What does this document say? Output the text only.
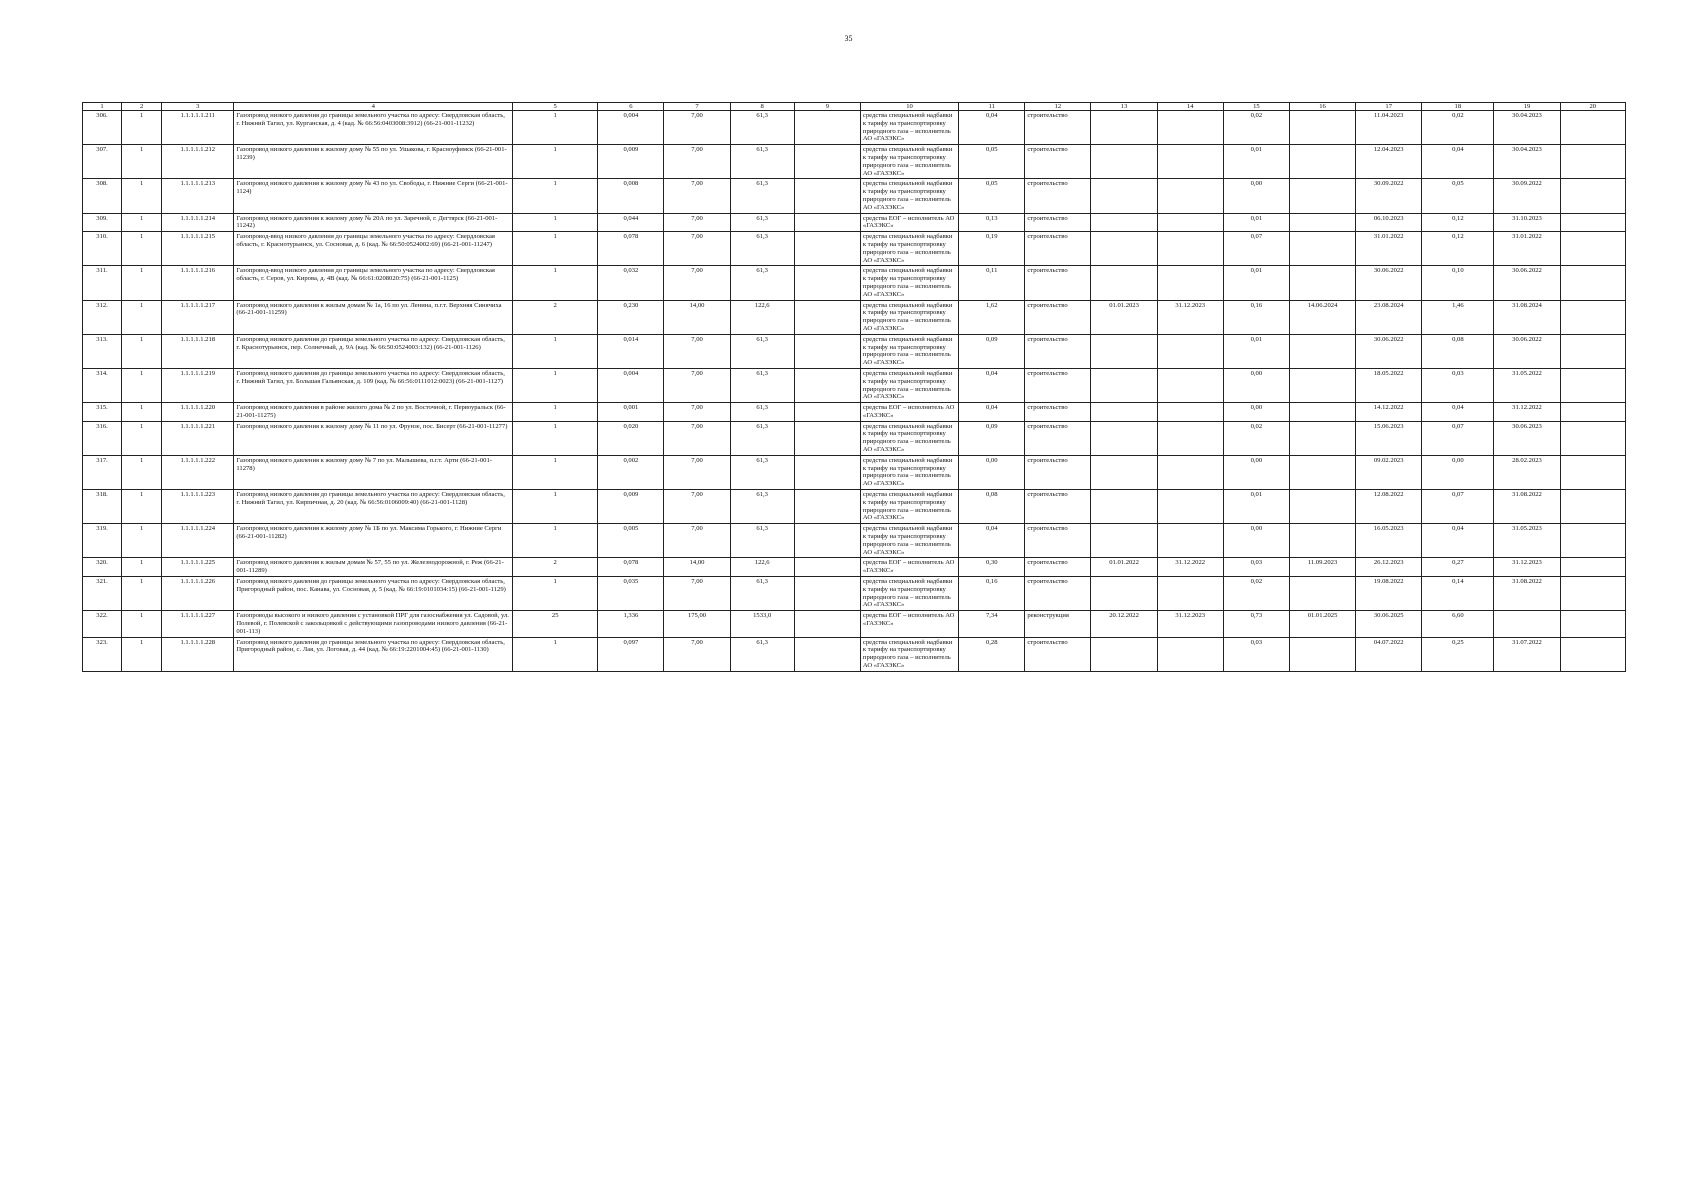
35
1	2	3	4	5	6	7	8	9	10	11	12	13	14	15	16	17	18	19	20
306.	1	1.1.1.1.1.211	Газопровод низкого давления до границы земельного участка по адресу: Свердловская область, г. Нижний Тагил, ул. Курганская, д. 4 (кад. № 66:56:0403008:3912) (66-21-001-11232)	1	0,004	7,00	61,3		средства специальной надбавки к тарифу на транспортировку природного газа – исполнитель АО «ГАЗЭКС»	0,04	строительство			0,02		11.04.2023	0,02	30.04.2023	
307.	1	1.1.1.1.1.212	Газопровод низкого давления к жилому дому № 55 по ул. Ушакова, г. Красноуфимск (66-21-001-11239)	1	0,009	7,00	61,3		средства специальной надбавки к тарифу на транспортировку природного газа – исполнитель АО «ГАЗЭКС»	0,05	строительство			0,01		12.04.2023	0,04	30.04.2023	
308.	1	1.1.1.1.1.213	Газопровод низкого давления к жилому дому № 43 по ул. Свободы, г. Нижние Серги (66-21-001-1124)	1	0,008	7,00	61,3		средства специальной надбавки к тарифу на транспортировку природного газа – исполнитель АО «ГАЗЭКС»	0,05	строительство			0,00		30.09.2022	0,05	30.09.2022	
309.	1	1.1.1.1.1.214	Газопровод низкого давления к жилому дому № 20А по ул. Заречной, г. Дегтярск (66-21-001-11242)	1	0,044	7,00	61,3		средства ЕОГ – исполнитель АО «ГАЗЭКС»	0,13	строительство			0,01		06.10.2023	0,12	31.10.2023	
310.	1	1.1.1.1.1.215	Газопровод-ввод низкого давления до границы земельного участка по адресу: Свердловская область, г. Краснотурьинск, ул. Сосновая, д. 6 (кад. № 66:50:0524002:69) (66-21-001-11247)	1	0,078	7,00	61,3		средства специальной надбавки к тарифу на транспортировку природного газа – исполнитель АО «ГАЗЭКС»	0,19	строительство			0,07		31.01.2022	0,12	31.01.2022	
311.	1	1.1.1.1.1.216	Газопровод-ввод низкого давления до границы земельного участка по адресу: Свердловская область, г. Серов, ул. Кирова, д. 4В (кад. № 66:61:0208020:75) (66-21-001-1125)	1	0,032	7,00	61,3		средства специальной надбавки к тарифу на транспортировку природного газа – исполнитель АО «ГАЗЭКС»	0,11	строительство			0,01		30.06.2022	0,10	30.06.2022	
312.	1	1.1.1.1.1.217	Газопровод низкого давления к жилым домам № 1а, 16 по ул. Ленина, п.г.т. Верхняя Синячиха (66-21-001-11259)	2	0,230	14,00	122,6		средства специальной надбавки к тарифу на транспортировку природного газа – исполнитель АО «ГАЗЭКС»	1,62	строительство	01.01.2023	31.12.2023	0,16	14.06.2024	23.08.2024	1,46	31.08.2024	
313.	1	1.1.1.1.1.218	Газопровод низкого давления до границы земельного участка по адресу: Свердловская область, г. Краснотурьинск, пер. Солнечный, д. 9А (кад. № 66:50:0524003:132) (66-21-001-1126)	1	0,014	7,00	61,3		средства специальной надбавки к тарифу на транспортировку природного газа – исполнитель АО «ГАЗЭКС»	0,09	строительство			0,01		30.06.2022	0,08	30.06.2022	
314.	1	1.1.1.1.1.219	Газопровод низкого давления до границы земельного участка по адресу: Свердловская область, г. Нижний Тагил, ул. Большая Гальянская, д. 109 (кад. № 66:56:0111012:0023) (66-21-001-1127)	1	0,004	7,00	61,3		средства специальной надбавки к тарифу на транспортировку природного газа – исполнитель АО «ГАЗЭКС»	0,04	строительство			0,00		18.05.2022	0,03	31.05.2022	
315.	1	1.1.1.1.1.220	Газопровод низкого давления в районе жилого дома № 2 по ул. Восточной, г. Первоуральск (66-21-001-11275)	1	0,001	7,00	61,3		средства ЕОГ – исполнитель АО «ГАЗЭКС»	0,04	строительство			0,00		14.12.2022	0,04	31.12.2022	
316.	1	1.1.1.1.1.221	Газопровод низкого давления к жилому дому № 11 по ул. Фрунзе, пос. Бисерт (66-21-001-11277)	1	0,020	7,00	61,3		средства специальной надбавки к тарифу на транспортировку природного газа – исполнитель АО «ГАЗЭКС»	0,09	строительство			0,02		15.06.2023	0,07	30.06.2023	
317.	1	1.1.1.1.1.222	Газопровод низкого давления к жилому дому № 7 по ул. Малышева, п.г.т. Арти (66-21-001-11278)	1	0,002	7,00	61,3		средства специальной надбавки к тарифу на транспортировку природного газа – исполнитель АО «ГАЗЭКС»	0,00	строительство			0,00		09.02.2023	0,00	28.02.2023	
318.	1	1.1.1.1.1.223	Газопровод низкого давления до границы земельного участка по адресу: Свердловская область, г. Нижний Тагил, ул. Кирпичная, д. 20 (кад. № 66:56:0106009:40) (66-21-001-1128)	1	0,009	7,00	61,3		средства специальной надбавки к тарифу на транспортировку природного газа – исполнитель АО «ГАЗЭКС»	0,08	строительство			0,01		12.08.2022	0,07	31.08.2022	
319.	1	1.1.1.1.1.224	Газопровод низкого давления к жилому дому № 1Б по ул. Максима Горького, г. Нижние Серги (66-21-001-11282)	1	0,005	7,00	61,3		средства специальной надбавки к тарифу на транспортировку природного газа – исполнитель АО «ГАЗЭКС»	0,04	строительство			0,00		16.05.2023	0,04	31.05.2023	
320.	1	1.1.1.1.1.225	Газопровод низкого давления к жилым домам № 57, 55 по ул. Железнодорожной, г. Реж (66-21-001-11289)	2	0,078	14,00	122,6		средства ЕОГ – исполнитель АО «ГАЗЭКС»	0,30	строительство	01.01.2022	31.12.2022	0,03	11.09.2023	26.12.2023	0,27	31.12.2023	
321.	1	1.1.1.1.1.226	Газопровод низкого давления до границы земельного участка по адресу: Свердловская область, Пригородный район, пос. Канава, ул. Сосновая, д. 5 (кад. № 66:19:0101034:15) (66-21-001-1129)	1	0,035	7,00	61,3		средства специальной надбавки к тарифу на транспортировку природного газа – исполнитель АО «ГАЗЭКС»	0,16	строительство			0,02		19.08.2022	0,14	31.08.2022	
322.	1	1.1.1.1.1.227	Газопроводы высокого и низкого давления с установкой ПРГ для газоснабжения ул. Садовой, ул. Полевой, г. Полевской с закольцовкой с действующими газопроводами низкого давления (66-21-001-113)	25	1,336	175,00	1533,0		средства ЕОГ – исполнитель АО «ГАЗЭКС»	7,34	реконструкция	20.12.2022	31.12.2023	0,73	01.01.2025	30.06.2025	6,60		
323.	1	1.1.1.1.1.228	Газопровод низкого давления до границы земельного участка по адресу: Свердловская область, Пригородный район, с. Лая, ул. Логовая, д. 44 (кад. № 66:19:2201004:45) (66-21-001-1130)	1	0,097	7,00	61,3		средства специальной надбавки к тарифу на транспортировку природного газа – исполнитель АО «ГАЗЭКС»	0,28	строительство			0,03		04.07.2022	0,25	31.07.2022	
